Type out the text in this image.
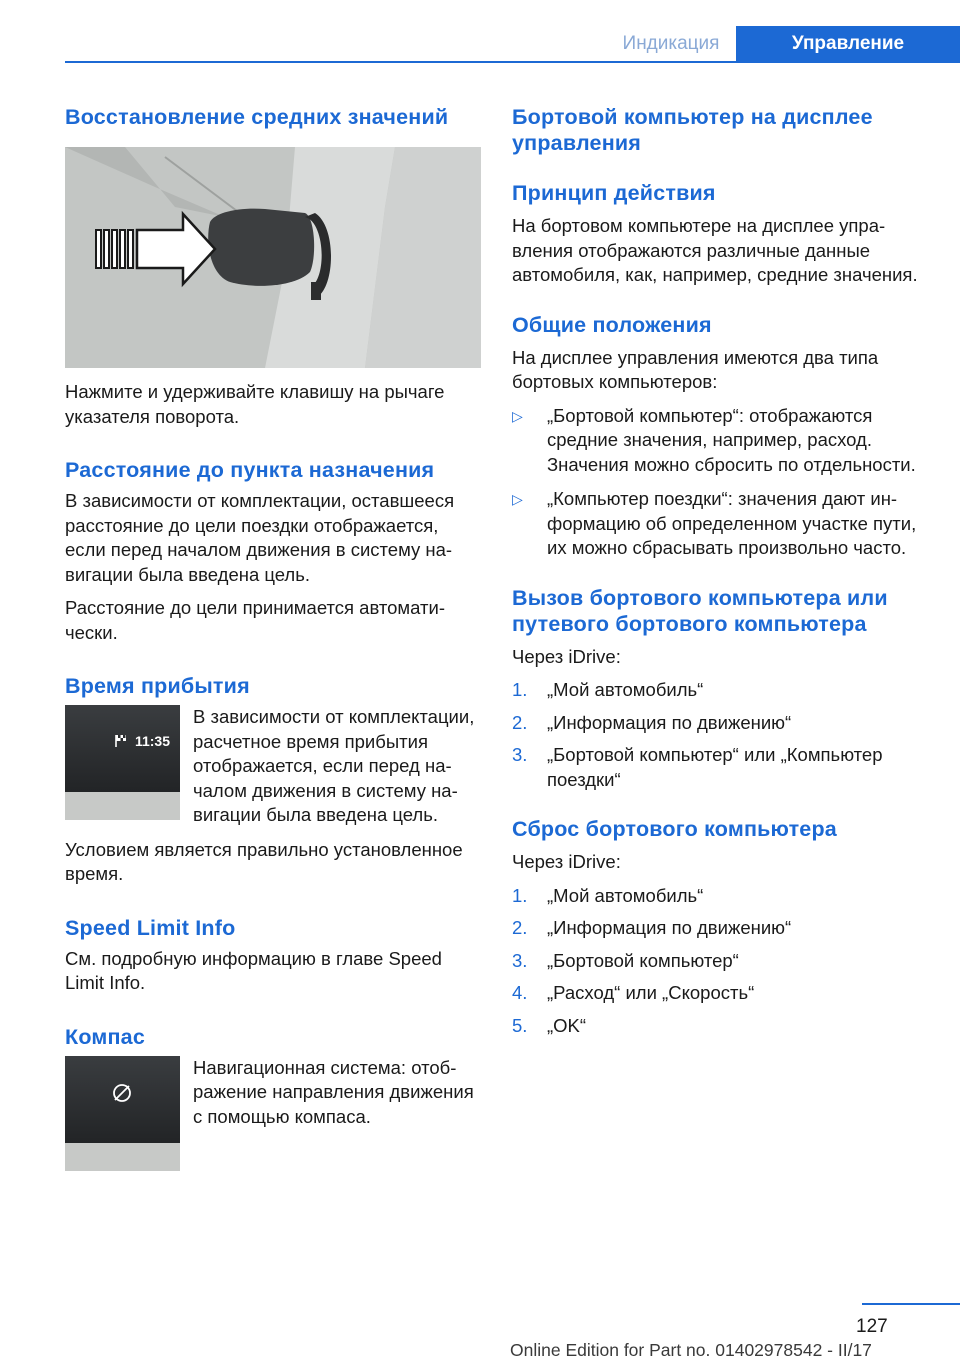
Индикация	Управление
Восстановление средних значений

Нажмите и удерживайте клавишу на рычаге указателя поворота.

Расстояние до пункта назначения

В зависимости от комплектации, оставшееся расстояние до цели поездки отображается, если перед началом движения в систему навигации была введена цель.

Расстояние до цели принимается автоматически.

Время прибытия
11:35

В зависимости от комплектации, расчетное время прибытия отображается, если перед началом движения в систему навигации была введена цель.

Условием является правильно установленное время.

Speed Limit Info

См. подробную информацию в главе Speed Limit Info.

Компас

Навигационная система: отображение направления движения с помощью компаса.

Бортовой компьютер на дисплее управления
Принцип действия

На бортовом компьютере на дисплее управления отображаются различные данные автомобиля, как, например, средние значения.

Общие положения

На дисплее управления имеются два типа бортовых компьютеров:

▷	„Бортовой компьютер“: отображаются средние значения, например, расход. Значения можно сбросить по отдельности.
▷	„Компьютер поездки“: значения дают информацию об определенном участке пути, их можно сбрасывать произвольно часто.
Вызов бортового компьютера или путевого бортового компьютера

Через iDrive:

1.	„Мой автомобиль“
2.	„Информация по движению“
3.	„Бортовой компьютер“ или „Компьютер поездки“
Сброс бортового компьютера

Через iDrive:

1.	„Мой автомобиль“
2.	„Информация по движению“
3.	„Бортовой компьютер“
4.	„Расход“ или „Скорость“
5.	„OK“
127
Online Edition for Part no. 01402978542 - II/17
